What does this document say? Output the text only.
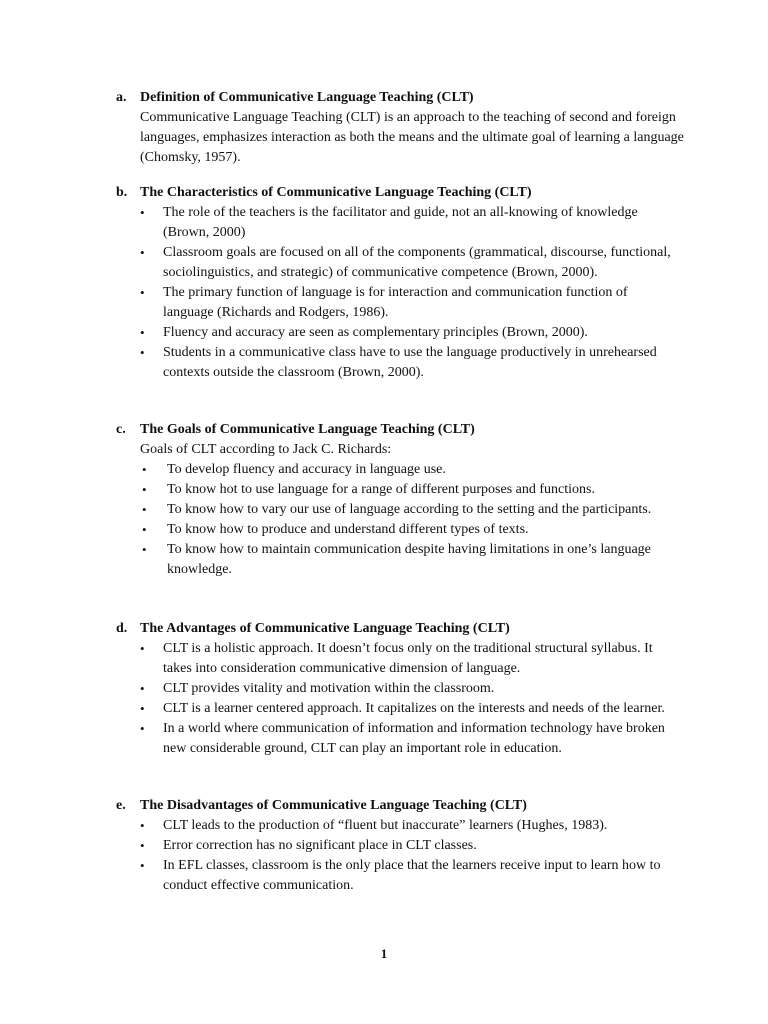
a. Definition of Communicative Language Teaching (CLT)
Communicative Language Teaching (CLT) is an approach to the teaching of second and foreign languages, emphasizes interaction as both the means and the ultimate goal of learning a language (Chomsky, 1957).
b. The Characteristics of Communicative Language Teaching (CLT)
• The role of the teachers is the facilitator and guide, not an all-knowing of knowledge (Brown, 2000)
• Classroom goals are focused on all of the components (grammatical, discourse, functional, sociolinguistics, and strategic) of communicative competence (Brown, 2000).
• The primary function of language is for interaction and communication function of language (Richards and Rodgers, 1986).
• Fluency and accuracy are seen as complementary principles (Brown, 2000).
• Students in a communicative class have to use the language productively in unrehearsed contexts outside the classroom (Brown, 2000).
c. The Goals of Communicative Language Teaching (CLT)
Goals of CLT according to Jack C. Richards:
• To develop fluency and accuracy in language use.
• To know hot to use language for a range of different purposes and functions.
• To know how to vary our use of language according to the setting and the participants.
• To know how to produce and understand different types of texts.
• To know how to maintain communication despite having limitations in one’s language knowledge.
d. The Advantages of Communicative Language Teaching (CLT)
• CLT is a holistic approach. It doesn’t focus only on the traditional structural syllabus. It takes into consideration communicative dimension of language.
• CLT provides vitality and motivation within the classroom.
• CLT is a learner centered approach. It capitalizes on the interests and needs of the learner.
• In a world where communication of information and information technology have broken new considerable ground, CLT can play an important role in education.
e. The Disadvantages of Communicative Language Teaching (CLT)
• CLT leads to the production of “fluent but inaccurate” learners (Hughes, 1983).
• Error correction has no significant place in CLT classes.
• In EFL classes, classroom is the only place that the learners receive input to learn how to conduct effective communication.
1
